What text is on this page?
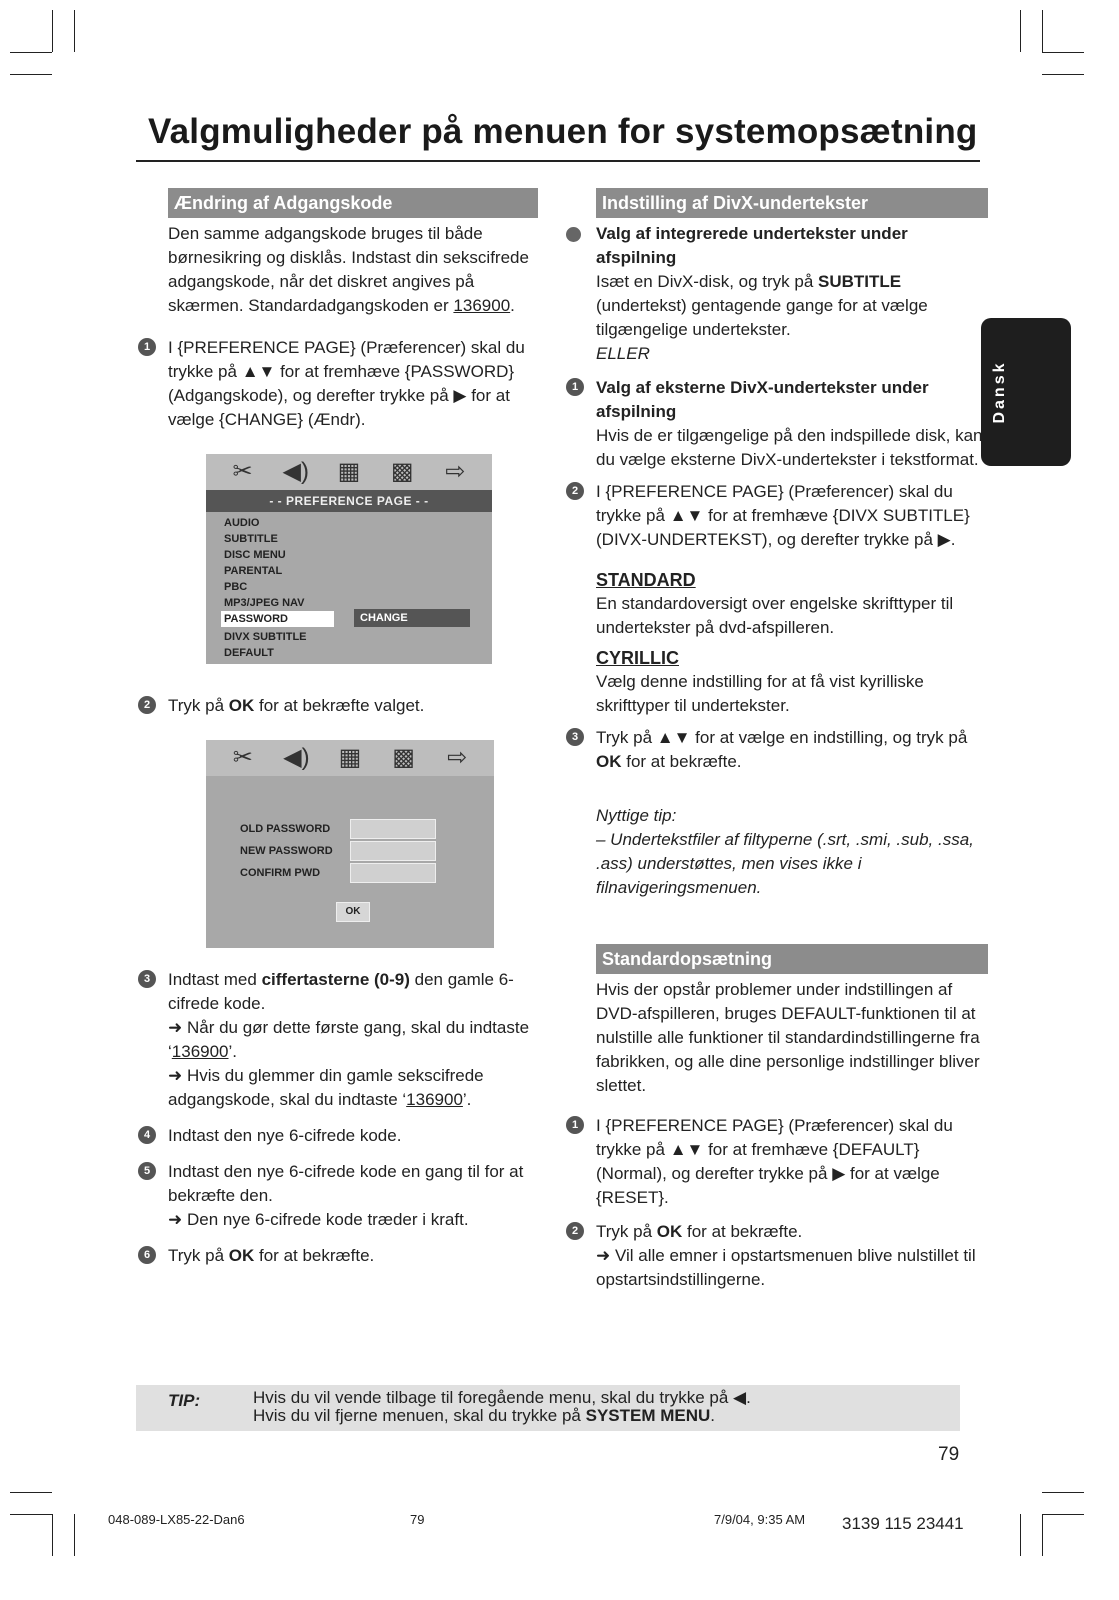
Valgmuligheder på menuen for systemopsætning
Dansk
Ændring af Adgangskode
Den samme adgangskode bruges til både børnesikring og disklås. Indstast din sekscifrede adgangskode, når det diskret angives på skærmen. Standardadgangskoden er 136900.
1	I {PREFERENCE PAGE} (Præferencer) skal du trykke på ▲▼ for at fremhæve {PASSWORD} (Adgangskode), og derefter trykke på ▶ for at vælge {CHANGE} (Ændr).
✂	◀)	▦	▩	⇨
- - PREFERENCE PAGE - -
AUDIO
SUBTITLE
DISC MENU
PARENTAL
PBC
MP3/JPEG NAV
PASSWORD
DIVX SUBTITLE
DEFAULT
CHANGE
2	Tryk på OK for at bekræfte valget.
✂	◀)	▦	▩	⇨
OLD PASSWORD
NEW PASSWORD
CONFIRM PWD
OK
3	Indtast med ciffertasterne (0-9) den gamle 6-cifrede kode.
➜ Når du gør dette første gang, skal du indtaste ‘136900’.
➜ Hvis du glemmer din gamle sekscifrede adgangskode, skal du indtaste ‘136900’.
4	Indtast den nye 6-cifrede kode.
5	Indtast den nye 6-cifrede kode en gang til for at bekræfte den.
➜ Den nye 6-cifrede kode træder i kraft.
6	Tryk på OK for at bekræfte.
Indstilling af DivX-undertekster
Valg af integrerede undertekster under afspilning
Isæt en DivX-disk, og tryk på SUBTITLE (undertekst) gentagende gange for at vælge tilgængelige undertekster.
ELLER
1	Valg af eksterne DivX-undertekster under afspilning
Hvis de er tilgængelige på den indspillede disk, kan du vælge eksterne DivX-undertekster i tekstformat.
2	I {PREFERENCE PAGE} (Præferencer) skal du trykke på ▲▼ for at fremhæve {DIVX SUBTITLE} (DIVX-UNDERTEKST), og derefter trykke på ▶.
STANDARD
En standardoversigt over engelske skrifttyper til undertekster på dvd-afspilleren.
CYRILLIC
Vælg denne indstilling for at få vist kyrilliske skrifttyper til undertekster.
3	Tryk på ▲▼ for at vælge en indstilling, og tryk på OK for at bekræfte.
Nyttige tip:
– Undertekstfiler af filtyperne (.srt, .smi, .sub, .ssa, .ass) understøttes, men vises ikke i filnavigeringsmenuen.
Standardopsætning
Hvis der opstår problemer under indstillingen af DVD-afspilleren, bruges DEFAULT-funktionen til at nulstille alle funktioner til standardindstillingerne fra fabrikken, og alle dine personlige indstillinger bliver slettet.
1	I {PREFERENCE PAGE} (Præferencer) skal du trykke på ▲▼ for at fremhæve {DEFAULT} (Normal), og derefter trykke på ▶ for at vælge {RESET}.
2	Tryk på OK for at bekræfte.
➜ Vil alle emner i opstartsmenuen blive nulstillet til opstartsindstillingerne.
TIP:	Hvis du vil vende tilbage til foregående menu, skal du trykke på ◀.
Hvis du vil fjerne menuen, skal du trykke på SYSTEM MENU.
79
048-089-LX85-22-Dan6	79	7/9/04, 9:35 AM 3139 115 23441
